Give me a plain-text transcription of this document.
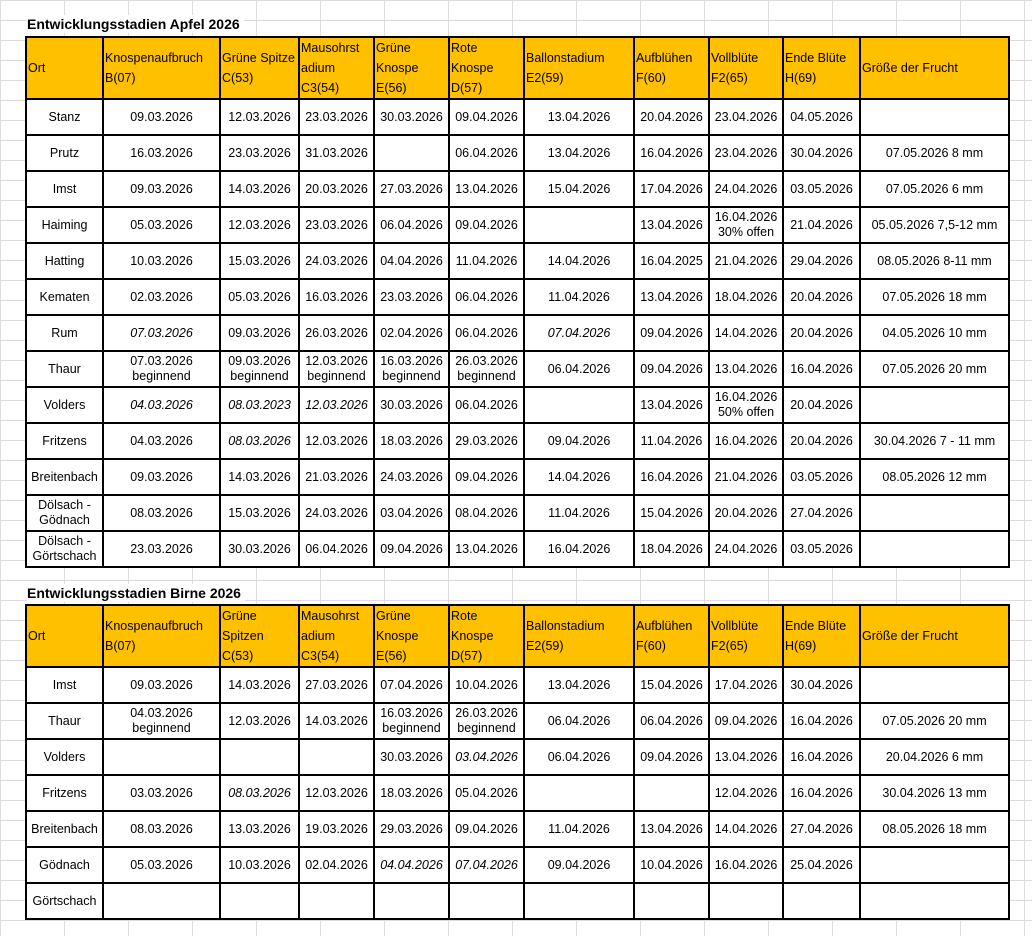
Entwicklungsstadien Apfel 2026
Ort	Knospenaufbruch B(07)	Grüne Spitze C(53)	Mausohrst adium C3(54)	Grüne Knospe E(56)	Rote Knospe D(57)	Ballonstadium E2(59)	Aufblühen F(60)	Vollblüte F2(65)	Ende Blüte H(69)	Größe der Frucht
Stanz	09.03.2026	12.03.2026	23.03.2026	30.03.2026	09.04.2026	13.04.2026	20.04.2026	23.04.2026	04.05.2026	
Prutz	16.03.2026	23.03.2026	31.03.2026		06.04.2026	13.04.2026	16.04.2026	23.04.2026	30.04.2026	07.05.2026 8 mm
Imst	09.03.2026	14.03.2026	20.03.2026	27.03.2026	13.04.2026	15.04.2026	17.04.2026	24.04.2026	03.05.2026	07.05.2026 6 mm
Haiming	05.03.2026	12.03.2026	23.03.2026	06.04.2026	09.04.2026		13.04.2026	16.04.2026 30% offen	21.04.2026	05.05.2026 7,5-12 mm
Hatting	10.03.2026	15.03.2026	24.03.2026	04.04.2026	11.04.2026	14.04.2026	16.04.2025	21.04.2026	29.04.2026	08.05.2026 8-11 mm
Kematen	02.03.2026	05.03.2026	16.03.2026	23.03.2026	06.04.2026	11.04.2026	13.04.2026	18.04.2026	20.04.2026	07.05.2026 18 mm
Rum	07.03.2026	09.03.2026	26.03.2026	02.04.2026	06.04.2026	07.04.2026	09.04.2026	14.04.2026	20.04.2026	04.05.2026 10 mm
Thaur	07.03.2026 beginnend	09.03.2026 beginnend	12.03.2026 beginnend	16.03.2026 beginnend	26.03.2026 beginnend	06.04.2026	09.04.2026	13.04.2026	16.04.2026	07.05.2026 20 mm
Volders	04.03.2026	08.03.2023	12.03.2026	30.03.2026	06.04.2026		13.04.2026	16.04.2026 50% offen	20.04.2026	
Fritzens	04.03.2026	08.03.2026	12.03.2026	18.03.2026	29.03.2026	09.04.2026	11.04.2026	16.04.2026	20.04.2026	30.04.2026 7 - 11 mm
Breitenbach	09.03.2026	14.03.2026	21.03.2026	24.03.2026	09.04.2026	14.04.2026	16.04.2026	21.04.2026	03.05.2026	08.05.2026 12 mm
Dölsach - Gödnach	08.03.2026	15.03.2026	24.03.2026	03.04.2026	08.04.2026	11.04.2026	15.04.2026	20.04.2026	27.04.2026	
Dölsach - Görtschach	23.03.2026	30.03.2026	06.04.2026	09.04.2026	13.04.2026	16.04.2026	18.04.2026	24.04.2026	03.05.2026	
Entwicklungsstadien Birne 2026
Ort	Knospenaufbruch B(07)	Grüne Spitzen C(53)	Mausohrst adium C3(54)	Grüne Knospe E(56)	Rote Knospe D(57)	Ballonstadium E2(59)	Aufblühen F(60)	Vollblüte F2(65)	Ende Blüte H(69)	Größe der Frucht
Imst	09.03.2026	14.03.2026	27.03.2026	07.04.2026	10.04.2026	13.04.2026	15.04.2026	17.04.2026	30.04.2026	
Thaur	04.03.2026 beginnend	12.03.2026	14.03.2026	16.03.2026 beginnend	26.03.2026 beginnend	06.04.2026	06.04.2026	09.04.2026	16.04.2026	07.05.2026 20 mm
Volders				30.03.2026	03.04.2026	06.04.2026	09.04.2026	13.04.2026	16.04.2026	20.04.2026 6 mm
Fritzens	03.03.2026	08.03.2026	12.03.2026	18.03.2026	05.04.2026			12.04.2026	16.04.2026	30.04.2026 13 mm
Breitenbach	08.03.2026	13.03.2026	19.03.2026	29.03.2026	09.04.2026	11.04.2026	13.04.2026	14.04.2026	27.04.2026	08.05.2026 18 mm
Gödnach	05.03.2026	10.03.2026	02.04.2026	04.04.2026	07.04.2026	09.04.2026	10.04.2026	16.04.2026	25.04.2026	
Görtschach										
